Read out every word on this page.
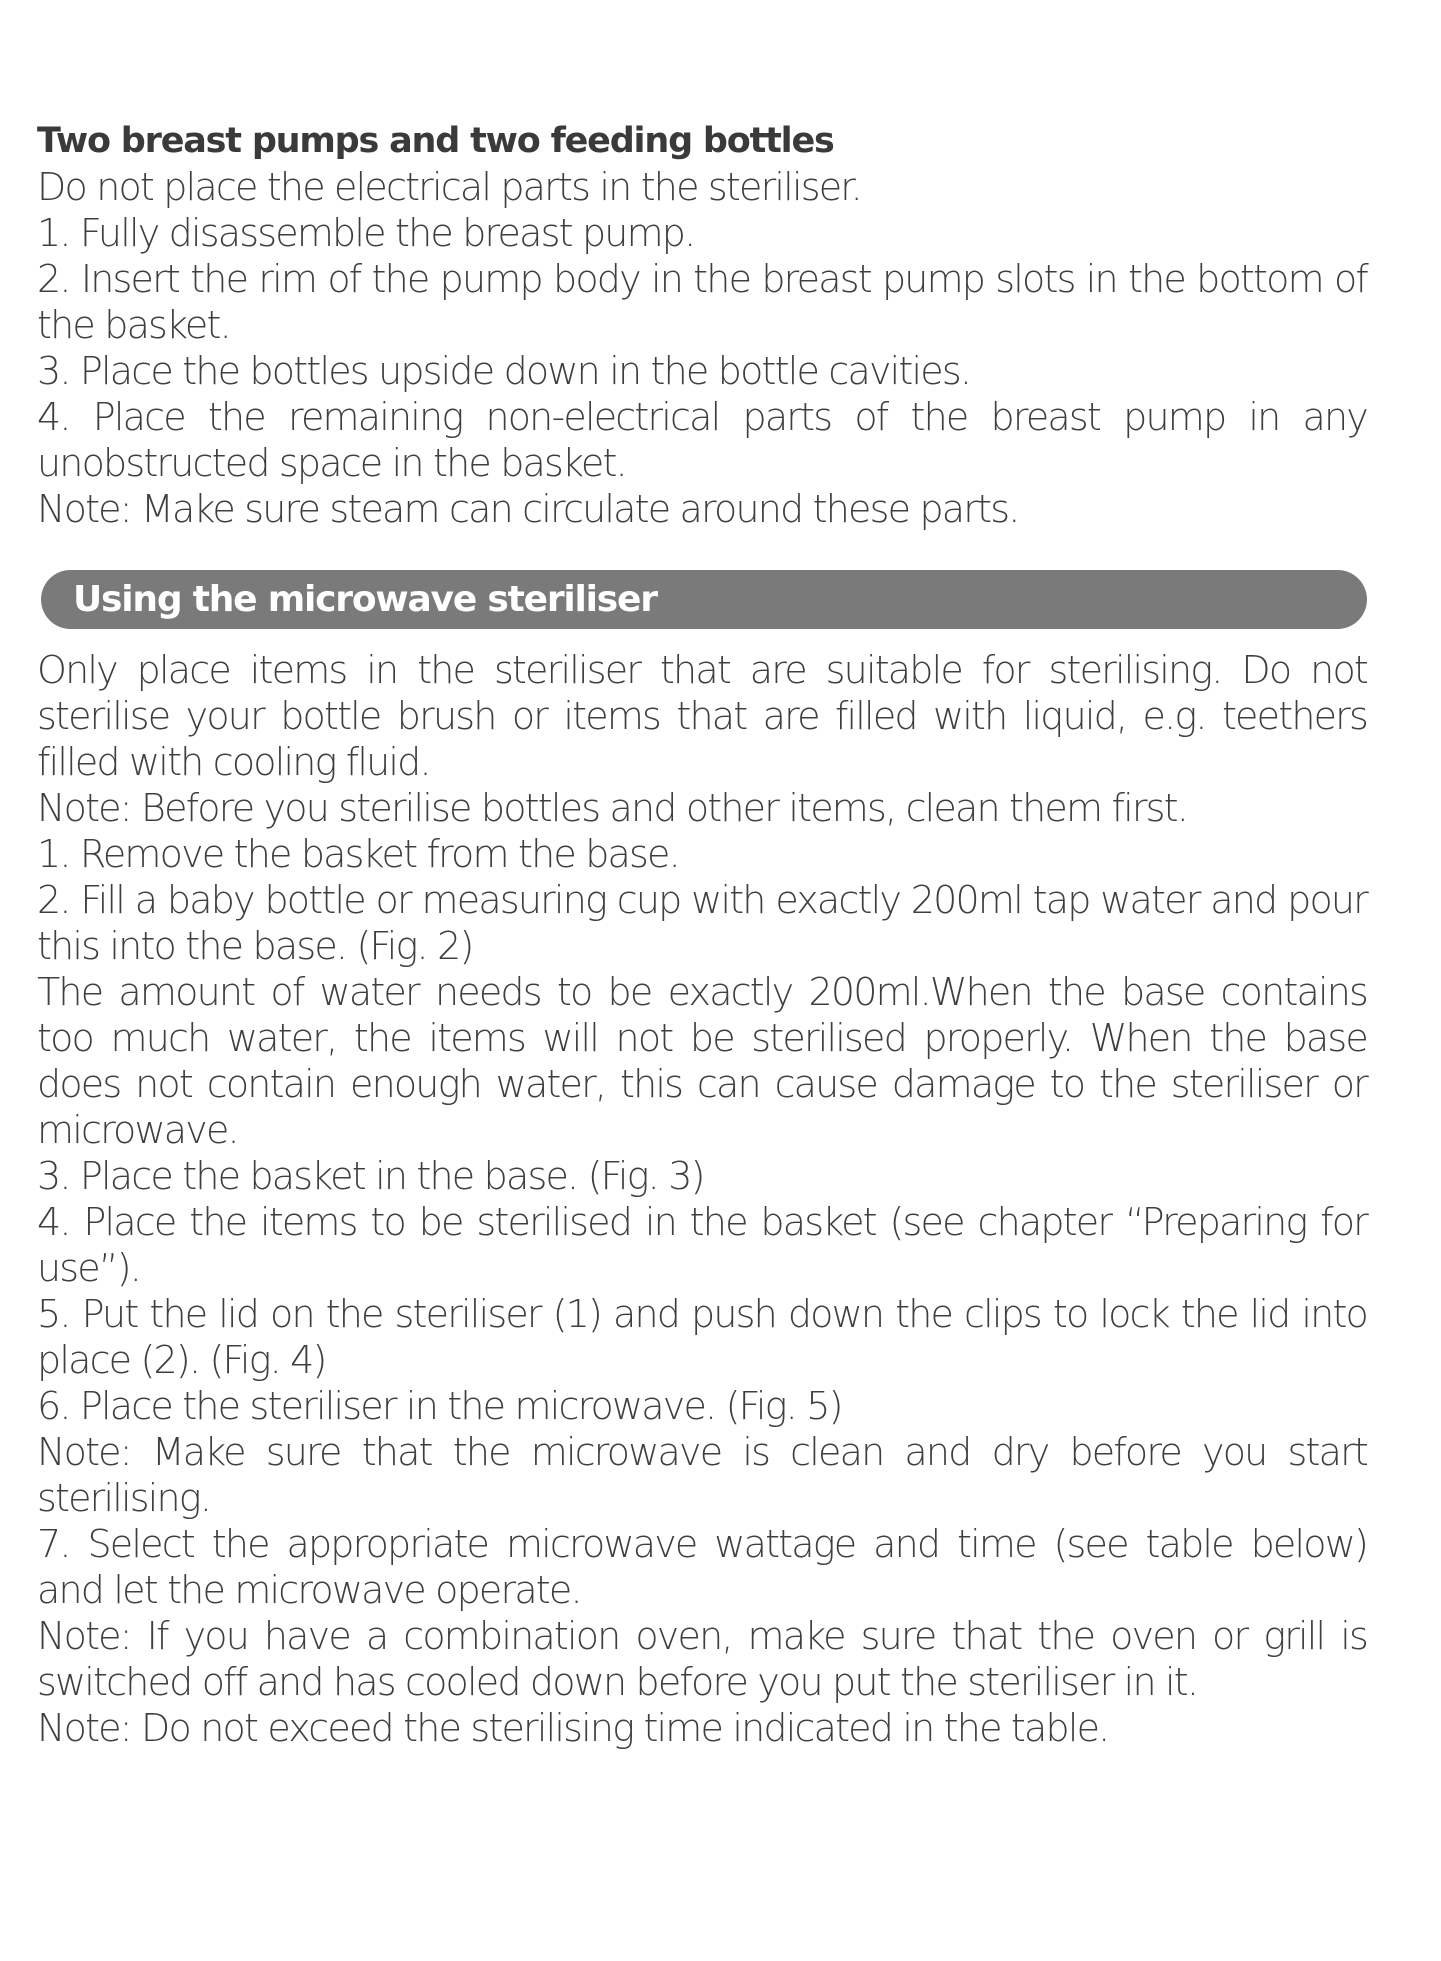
Two breast pumps and two feeding bottles

Do not place the electrical parts in the steriliser.

1. Fully disassemble the breast pump.

2. Insert the rim of the pump body in the breast pump slots in the bottom of the basket.

3. Place the bottles upside down in the bottle cavities.

4. Place the remaining non-electrical parts of the breast pump in any unobstructed space in the basket.

Note: Make sure steam can circulate around these parts.

Using the microwave steriliser

Only place items in the steriliser that are suitable for sterilising. Do not sterilise your bottle brush or items that are filled with liquid, e.g. teethers filled with cooling fluid.

Note: Before you sterilise bottles and other items, clean them first.

1. Remove the basket from the base.

2. Fill a baby bottle or measuring cup with exactly 200ml tap water and pour this into the base. (Fig. 2)

The amount of water needs to be exactly 200ml.When the base contains too much water, the items will not be sterilised properly. When the base does not contain enough water, this can cause damage to the steriliser or microwave.

3. Place the basket in the base. (Fig. 3)

4. Place the items to be sterilised in the basket (see chapter “Preparing for use”).

5. Put the lid on the steriliser (1) and push down the clips to lock the lid into place (2). (Fig. 4)

6. Place the steriliser in the microwave. (Fig. 5)

Note: Make sure that the microwave is clean and dry before you start sterilising.

7. Select the appropriate microwave wattage and time (see table below) and let the microwave operate.

Note: If you have a combination oven, make sure that the oven or grill is switched off and has cooled down before you put the steriliser in it.

Note: Do not exceed the sterilising time indicated in the table.
